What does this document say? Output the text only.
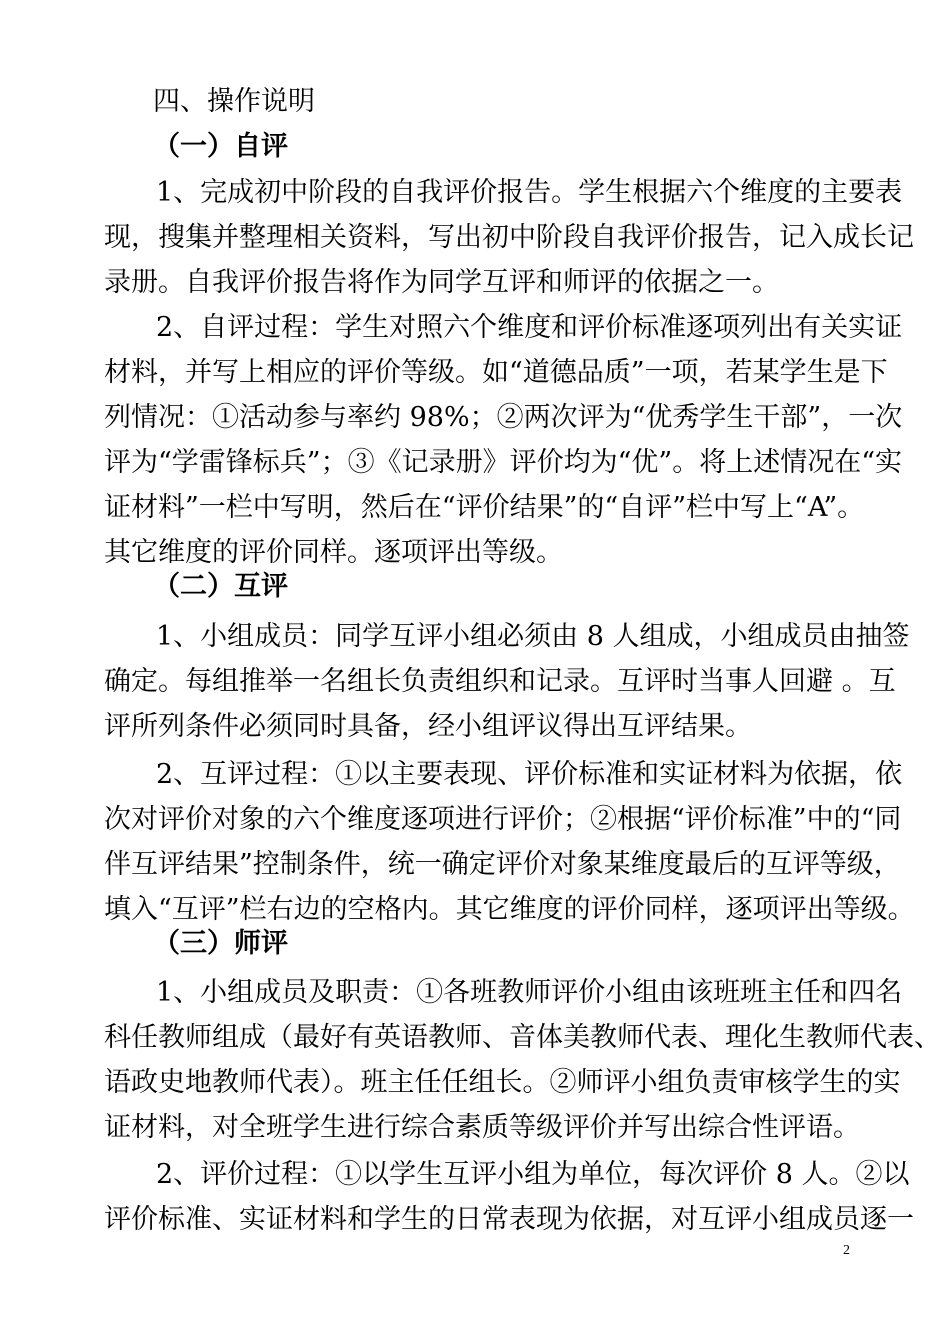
四、操作说明
（一）自评
1、完成初中阶段的自我评价报告。学生根据六个维度的主要表
现，搜集并整理相关资料，写出初中阶段自我评价报告，记入成长记
录册。自我评价报告将作为同学互评和师评的依据之一。
2、自评过程：学生对照六个维度和评价标准逐项列出有关实证
材料，并写上相应的评价等级。如“道德品质”一项，若某学生是下
列情况：①活动参与率约 98%；②两次评为“优秀学生干部”，一次
评为“学雷锋标兵”；③《记录册》评价均为“优”。将上述情况在“实
证材料”一栏中写明，然后在“评价结果”的“自评”栏中写上“A”。
其它维度的评价同样。逐项评出等级。
（二）互评
1、小组成员：同学互评小组必须由 8 人组成，小组成员由抽签
确定。每组推举一名组长负责组织和记录。互评时当事人回避 。互
评所列条件必须同时具备，经小组评议得出互评结果。
2、互评过程：①以主要表现、评价标准和实证材料为依据，依
次对评价对象的六个维度逐项进行评价；②根据“评价标准”中的“同
伴互评结果”控制条件，统一确定评价对象某维度最后的互评等级，
填入“互评”栏右边的空格内。其它维度的评价同样，逐项评出等级。
（三）师评
1、小组成员及职责：①各班教师评价小组由该班班主任和四名
科任教师组成（最好有英语教师、音体美教师代表、理化生教师代表、
语政史地教师代表）。班主任任组长。②师评小组负责审核学生的实
证材料，对全班学生进行综合素质等级评价并写出综合性评语。
2、评价过程：①以学生互评小组为单位，每次评价 8 人。②以
评价标准、实证材料和学生的日常表现为依据，对互评小组成员逐一
2
